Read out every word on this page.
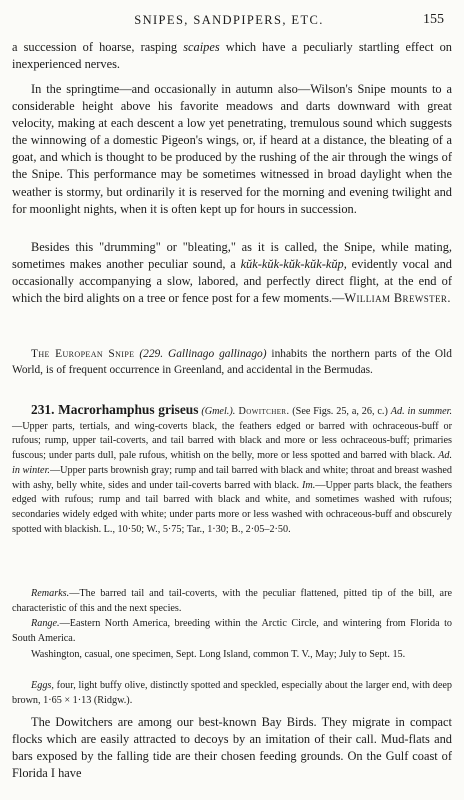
SNIPES, SANDPIPERS, ETC.	155

a succession of hoarse, rasping scaipes which have a peculiarly startling effect on inexperienced nerves.

In the springtime—and occasionally in autumn also—Wilson's Snipe mounts to a considerable height above his favorite meadows and darts downward with great velocity, making at each descent a low yet penetrating, tremulous sound which suggests the winnowing of a domestic Pigeon's wings, or, if heard at a distance, the bleating of a goat, and which is thought to be produced by the rushing of the air through the wings of the Snipe. This performance may be sometimes witnessed in broad daylight when the weather is stormy, but ordinarily it is reserved for the morning and evening twilight and for moonlight nights, when it is often kept up for hours in succession.

Besides this "drumming" or "bleating," as it is called, the Snipe, while mating, sometimes makes another peculiar sound, a kŭk-kŭk-kŭk-kŭk-kŭp, evidently vocal and occasionally accompanying a slow, labored, and perfectly direct flight, at the end of which the bird alights on a tree or fence post for a few moments.—William Brewster.

The European Snipe (229. Gallinago gallinago) inhabits the northern parts of the Old World, is of frequent occurrence in Greenland, and accidental in the Bermudas.

231. Macrorhamphus griseus (Gmel.). Dowitcher. (See Figs. 25, a, 26, c.) Ad. in summer.—Upper parts, tertials, and wing-coverts black, the feathers edged or barred with ochraceous-buff or rufous; rump, upper tail-coverts, and tail barred with black and more or less ochraceous-buff; primaries fuscous; under parts dull, pale rufous, whitish on the belly, more or less spotted and barred with black. Ad. in winter.—Upper parts brownish gray; rump and tail barred with black and white; throat and breast washed with ashy, belly white, sides and under tail-coverts barred with black. Im.—Upper parts black, the feathers edged with rufous; rump and tail barred with black and white, and sometimes washed with rufous; secondaries widely edged with white; under parts more or less washed with ochraceous-buff and obscurely spotted with blackish. L., 10·50; W., 5·75; Tar., 1·30; B., 2·05–2·50.

Remarks.—The barred tail and tail-coverts, with the peculiar flattened, pitted tip of the bill, are characteristic of this and the next species.

Range.—Eastern North America, breeding within the Arctic Circle, and wintering from Florida to South America.

Washington, casual, one specimen, Sept. Long Island, common T. V., May; July to Sept. 15.

Eggs, four, light buffy olive, distinctly spotted and speckled, especially about the larger end, with deep brown, 1·65 × 1·13 (Ridgw.).

The Dowitchers are among our best-known Bay Birds. They migrate in compact flocks which are easily attracted to decoys by an imitation of their call. Mud-flats and bars exposed by the falling tide are their chosen feeding grounds. On the Gulf coast of Florida I have
